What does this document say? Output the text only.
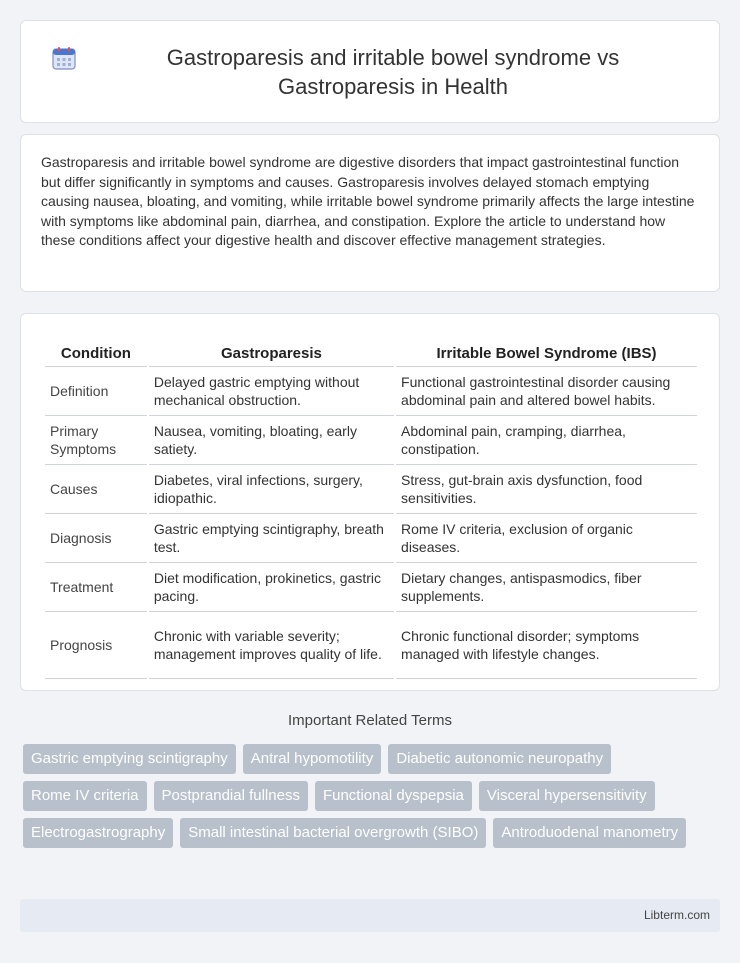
Gastroparesis and irritable bowel syndrome vs Gastroparesis in Health

Gastroparesis and irritable bowel syndrome are digestive disorders that impact gastrointestinal function but differ significantly in symptoms and causes. Gastroparesis involves delayed stomach emptying causing nausea, bloating, and vomiting, while irritable bowel syndrome primarily affects the large intestine with symptoms like abdominal pain, diarrhea, and constipation. Explore the article to understand how these conditions affect your digestive health and discover effective management strategies.

Condition	Gastroparesis	Irritable Bowel Syndrome (IBS)
Definition	Delayed gastric emptying without mechanical obstruction.	Functional gastrointestinal disorder causing abdominal pain and altered bowel habits.
Primary Symptoms	Nausea, vomiting, bloating, early satiety.	Abdominal pain, cramping, diarrhea, constipation.
Causes	Diabetes, viral infections, surgery, idiopathic.	Stress, gut-brain axis dysfunction, food sensitivities.
Diagnosis	Gastric emptying scintigraphy, breath test.	Rome IV criteria, exclusion of organic diseases.
Treatment	Diet modification, prokinetics, gastric pacing.	Dietary changes, antispasmodics, fiber supplements.
Prognosis	Chronic with variable severity; management improves quality of life.	Chronic functional disorder; symptoms managed with lifestyle changes.
Important Related Terms
Gastric emptying scintigraphy	Antral hypomotility	Diabetic autonomic neuropathy
Rome IV criteria	Postprandial fullness	Functional dyspepsia	Visceral hypersensitivity
Electrogastrography	Small intestinal bacterial overgrowth (SIBO)	Antroduodenal manometry
Libterm.com
